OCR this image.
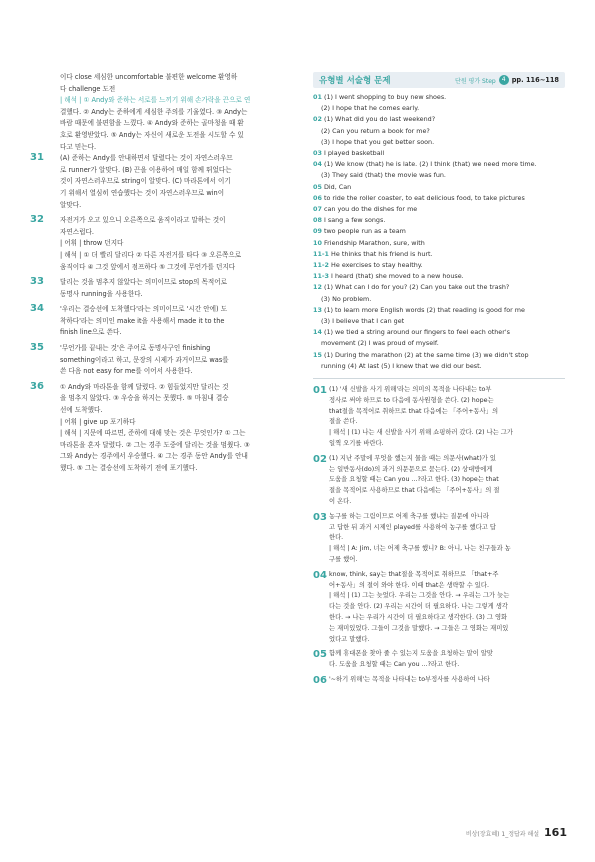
이다 close 세심한 uncomfortable 불편한 welcome 환영하

다 challenge 도전

| 해석 | ① Andy와 준하는 서로를 느끼기 위해 손가락을 끈으로 연

결했다. ② Andy는 준하에게 세심한 주의를 기울였다. ③ Andy는

바람 때문에 불편함을 느꼈다. ④ Andy와 준하는 골마청을 때 환

호로 환영받았다. ⑤ Andy는 자신이 새로운 도전을 시도할 수 있

다고 믿는다.

31 (A) 준하는 Andy를 안내하면서 달렸다는 것이 자연스러우므

로 runner가 알맞다. (B) 끈을 이용하여 매일 함께 뛰었다는

것이 자연스러우므로 string이 알맞다. (C) 마라톤에서 이기

기 위해서 열심히 연습했다는 것이 자연스러우므로 win이

알맞다.

32 자전거가 오고 있으니 오른쪽으로 움직이라고 말하는 것이

자연스럽다.

| 어휘 | throw 던지다

| 해석 | ① 더 빨리 달리다 ② 다른 자전거를 타다 ③ 오른쪽으로

움직이다 ④ 그것 앞에서 점프하다 ⑤ 그것에 무언가를 던지다

33 달리는 것을 멈추지 않았다는 의미이므로 stop의 목적어로

동명사 running을 사용한다.

34 '우리는 결승선에 도착했다'라는 의미이므로 '시간 안에) 도

착하다'라는 의미인 make it을 사용해서 made it to the

finish line으로 쓴다.

35 '무언가를 끝내는 것'은 주어로 동명사구인 finishing

something이라고 하고, 문장의 시제가 과거이므로 was를

쓴 다음 not easy for me를 이어서 사용한다.

36 ① Andy와 마라톤을 함께 달렸다. ② 힘들었지만 달리는 것

을 멈추지 않았다. ③ 우승을 하지는 못했다. ⑤ 마침내 결승

선에 도착했다.

| 어휘 | give up 포기하다

| 해석 | 지문에 따르면, 준하에 대해 맞는 것은 무엇인가? ① 그는

마라톤을 혼자 달렸다. ② 그는 경주 도중에 달리는 것을 멈췄다. ③

그와 Andy는 경주에서 우승했다. ④ 그는 경주 동안 Andy를 안내

했다. ⑤ 그는 결승선에 도착하기 전에 포기했다.

유형별 서술형 문제	단원 평가 Step	4 pp. 116~118

01 (1) I went shopping to buy new shoes.

(2) I hope that he comes early.

02 (1) What did you do last weekend?

(2) Can you return a book for me?

(3) I hope that you get better soon.

03 I played basketball

04 (1) We know (that) he is late. (2) I think (that) we need more time.

(3) They said (that) the movie was fun.

05 Did, Can

06 to ride the roller coaster, to eat delicious food, to take pictures

07 can you do the dishes for me

08 I sang a few songs.

09 two people run as a team

10 Friendship Marathon, sure, with

11-1 He thinks that his friend is hurt.

11-2 He exercises to stay healthy.

11-3 I heard (that) she moved to a new house.

12 (1) What can I do for you? (2) Can you take out the trash?

(3) No problem.

13 (1) to learn more English words (2) that reading is good for me

(3) I believe that I can get

14 (1) we tied a string around our fingers to feel each other's

movement (2) I was proud of myself.

15 (1) During the marathon (2) at the same time (3) we didn't stop

running (4) At last (5) I knew that we did our best.

01 (1) '새 신발을 사기 위해'라는 의미의 목적을 나타내는 to부

정사로 써야 하므로 to 다음에 동사원형을 쓴다. (2) hope는

that절을 목적어로 취하므로 that 다음에는 「주어+동사」의

절을 쓴다.

| 해석 | (1) 나는 새 신발을 사기 위해 쇼핑하러 갔다. (2) 나는 그가

일찍 오기를 바란다.

02 (1) 지난 주말에 무엇을 했는지 물을 때는 의문사(what)가 있

는 일반동사(do)의 과거 의문문으로 묻는다. (2) 상대방에게

도움을 요청할 때는 Can you ...?라고 한다. (3) hope는 that

절을 목적어로 사용하므로 that 다음에는 「주어+동사」의 절

이 온다.

03 농구를 하는 그림이므로 어제 축구를 했냐는 질문에 아니라

고 답한 뒤 과거 시제인 played를 사용하여 농구를 했다고 답

한다.

| 해석 | A: Jim, 너는 어제 축구를 했니? B: 아니, 나는 친구들과 농

구를 했어.

04 know, think, say는 that절을 목적어로 취하므로 「that+주

어+동사」의 절이 와야 한다. 이때 that은 생략할 수 있다.

| 해석 | (1) 그는 늦었다. 우리는 그것을 안다. → 우리는 그가 늦는

다는 것을 안다. (2) 우리는 시간이 더 필요하다. 나는 그렇게 생각

한다. → 나는 우리가 시간이 더 필요하다고 생각한다. (3) 그 영화

는 재미있었다. 그들이 그것을 말했다. → 그들은 그 영화는 재미있

었다고 말했다.

05 함께 휴대폰을 찾아 줄 수 있는지 도움을 요청하는 말이 알맞

다. 도움을 요청할 때는 Can you ...?라고 한다.

06 '~하기 위해'는 목적을 나타내는 to부정사를 사용하여 나타

비상(장효혜) 1_정답과 해설 161
